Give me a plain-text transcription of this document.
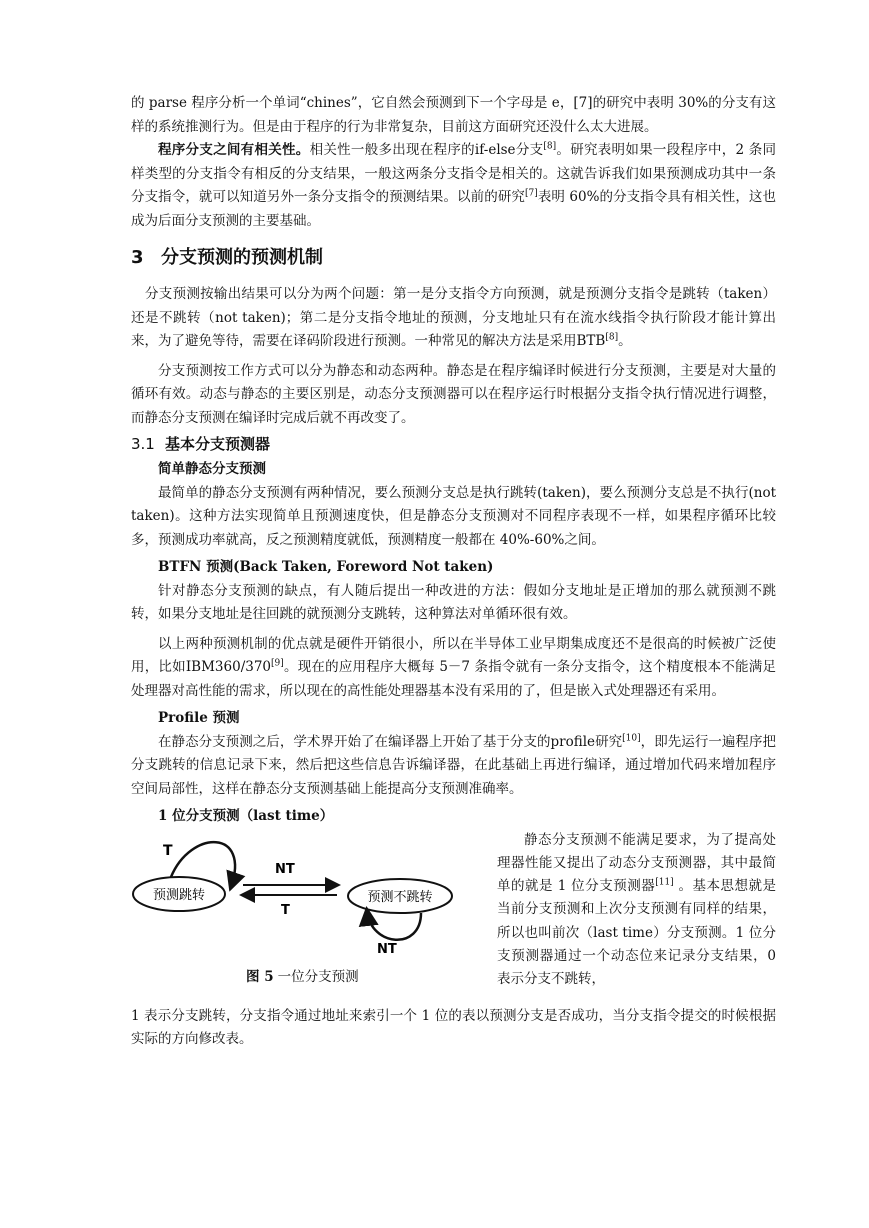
的 parse 程序分析一个单词“chines”，它自然会预测到下一个字母是 e，[7]的研究中表明 30%的分支有这样的系统推测行为。但是由于程序的行为非常复杂，目前这方面研究还没什么太大进展。

程序分支之间有相关性。相关性一般多出现在程序的if-else分支[8]。研究表明如果一段程序中，2 条同样类型的分支指令有相反的分支结果，一般这两条分支指令是相关的。这就告诉我们如果预测成功其中一条分支指令，就可以知道另外一条分支指令的预测结果。以前的研究[7]表明 60%的分支指令具有相关性，这也成为后面分支预测的主要基础。

3 分支预测的预测机制

分支预测按输出结果可以分为两个问题：第一是分支指令方向预测，就是预测分支指令是跳转（taken）还是不跳转（not taken)；第二是分支指令地址的预测，分支地址只有在流水线指令执行阶段才能计算出来，为了避免等待，需要在译码阶段进行预测。一种常见的解决方法是采用BTB[8]。

分支预测按工作方式可以分为静态和动态两种。静态是在程序编译时候进行分支预测，主要是对大量的循环有效。动态与静态的主要区别是，动态分支预测器可以在程序运行时根据分支指令执行情况进行调整，而静态分支预测在编译时完成后就不再改变了。

3.1 基本分支预测器
简单静态分支预测

最简单的静态分支预测有两种情况，要么预测分支总是执行跳转(taken)，要么预测分支总是不执行(not taken)。这种方法实现简单且预测速度快，但是静态分支预测对不同程序表现不一样，如果程序循环比较多，预测成功率就高，反之预测精度就低，预测精度一般都在 40%-60%之间。

BTFN 预测(Back Taken, Foreword Not taken)

针对静态分支预测的缺点，有人随后提出一种改进的方法：假如分支地址是正增加的那么就预测不跳转，如果分支地址是往回跳的就预测分支跳转，这种算法对单循环很有效。

以上两种预测机制的优点就是硬件开销很小，所以在半导体工业早期集成度还不是很高的时候被广泛使用，比如IBM360/370[9]。现在的应用程序大概每 5－7 条指令就有一条分支指令，这个精度根本不能满足处理器对高性能的需求，所以现在的高性能处理器基本没有采用的了，但是嵌入式处理器还有采用。

Profile 预测

在静态分支预测之后，学术界开始了在编译器上开始了基于分支的profile研究[10]，即先运行一遍程序把分支跳转的信息记录下来，然后把这些信息告诉编译器，在此基础上再进行编译，通过增加代码来增加程序空间局部性，这样在静态分支预测基础上能提高分支预测准确率。

1 位分支预测（last time）
预测跳转	预测不跳转
T
NT
T
NT
图 5 一位分支预测

静态分支预测不能满足要求，为了提高处理器性能又提出了动态分支预测器，其中最简单的就是 1 位分支预测器[11] 。基本思想就是当前分支预测和上次分支预测有同样的结果，所以也叫前次（last time）分支预测。1 位分支预测器通过一个动态位来记录分支结果，0 表示分支不跳转，

1 表示分支跳转，分支指令通过地址来索引一个 1 位的表以预测分支是否成功，当分支指令提交的时候根据实际的方向修改表。
